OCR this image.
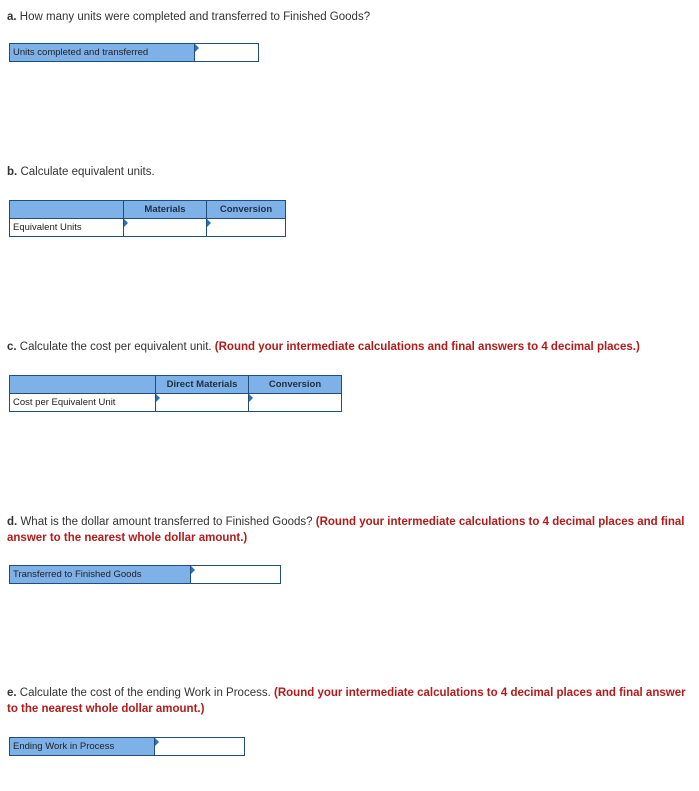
a. How many units were completed and transferred to Finished Goods?
Units completed and transferred	
b. Calculate equivalent units.
	Materials	Conversion
Equivalent Units	

c. Calculate the cost per equivalent unit. (Round your intermediate calculations and final answers to 4 decimal places.)
	Direct Materials	Conversion
Cost per Equivalent Unit	

d. What is the dollar amount transferred to Finished Goods? (Round your intermediate calculations to 4 decimal places and final answer to the nearest whole dollar amount.)
Transferred to Finished Goods	
e. Calculate the cost of the ending Work in Process. (Round your intermediate calculations to 4 decimal places and final answer to the nearest whole dollar amount.)
Ending Work in Process	
